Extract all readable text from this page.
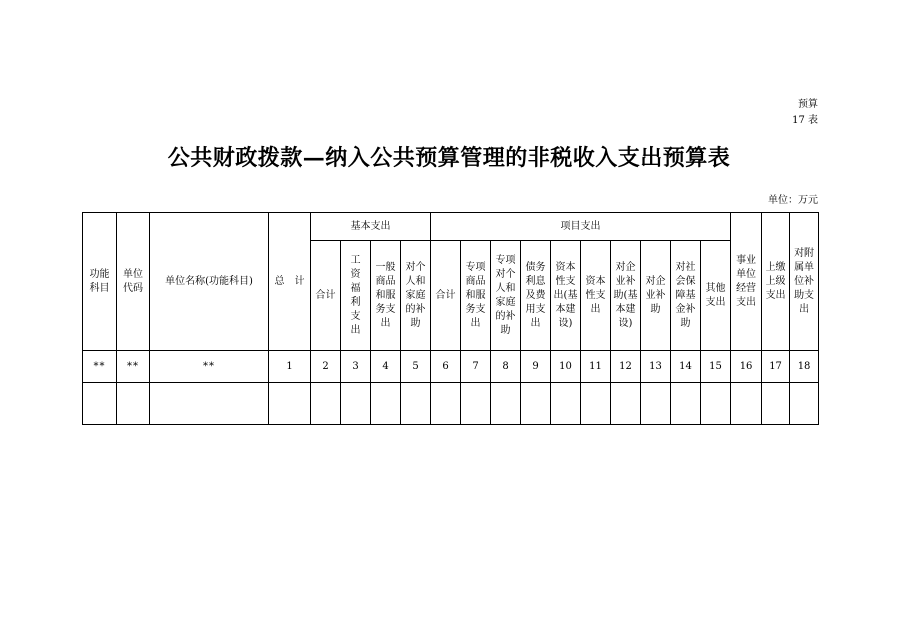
预算
17 表
公共财政拨款—纳入公共预算管理的非税收入支出预算表
单位：万元
功能科目	单位代码	单位名称(功能科目)	总　计	基本支出				项目支出										事业单位经营支出	上缴上级支出	对附属单位补助支出

				合计	工资福利支出	一般商品和服务支出	对个人和家庭的补助	合计	专项商品和服务支出	专项对个人和家庭的补助	债务利息及费用支出	资本性支出(基本建设)	资本性支出	对企业补助(基本建设)	对企业补助	对社会保障基金补助	其他支出			

**	**	**	1	2	3	4	5	6	7	8	9	10	11	12	13	14	15	16	17	18
